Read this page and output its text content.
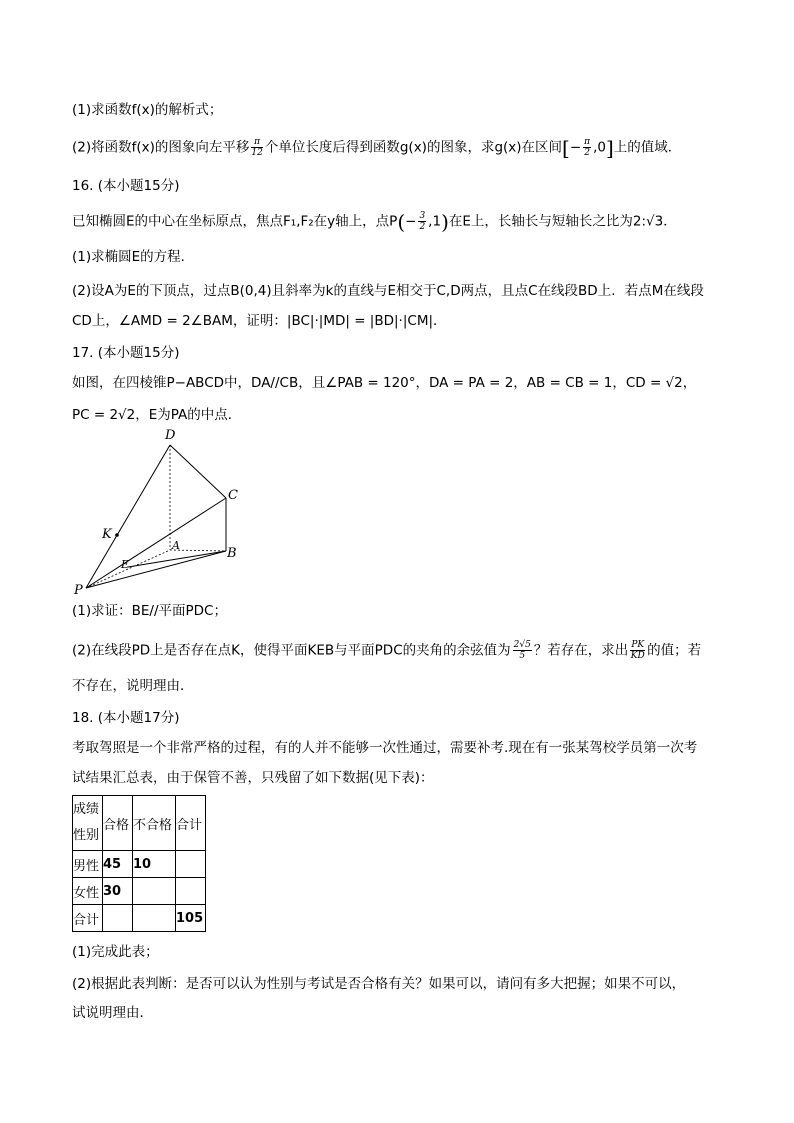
(1)求函数f(x)的解析式；
(2)将函数f(x)的图象向左平移 $\frac{\pi}{12}$ 个单位长度后得到函数g(x)的图象，求g(x)在区间[− $\frac{\pi}{2} ,0$]上的值域．
16. (本小题15分)
已知椭圆E的中心在坐标原点，焦点F₁,F₂在y轴上，点$P(- \frac{3}{2} ,1)$在E上，长轴长与短轴长之比为2:√3．
(1)求椭圆E的方程．
(2)设A为E的下顶点，过点B(0,4)且斜率为k的直线与E相交于C,D两点，且点C在线段BD上．若点M在线段
CD上，∠AMD = 2∠BAM，证明：|BC|·|MD| = |BD|·|CM|．
17. (本小题15分)
如图，在四棱锥P−ABCD中，DA//CB，且∠PAB = 120°，DA = PA = 2，AB = CB = 1，CD = √2，
PC = 2√2，E为PA的中点．
D
C
K
A
E
B
P
(1)求证：BE//平面PDC；
(2)在线段PD上是否存在点K，使得平面KEB与平面PDC的夹角的余弦值为 $\frac{2√5}{5}$ ？若存在，求出 $\frac{PK}{KD}$ 的值；若
不存在，说明理由．
18. (本小题17分)
考取驾照是一个非常严格的过程，有的人并不能够一次性通过，需要补考.现在有一张某驾校学员第一次考
试结果汇总表，由于保管不善，只残留了如下数据(见下表)：
成绩
性别	合格	不合格	合计
男性	45	10	
女性	30		
合计			105
(1)完成此表；
(2)根据此表判断：是否可以认为性别与考试是否合格有关？如果可以，请问有多大把握；如果不可以，
试说明理由．
